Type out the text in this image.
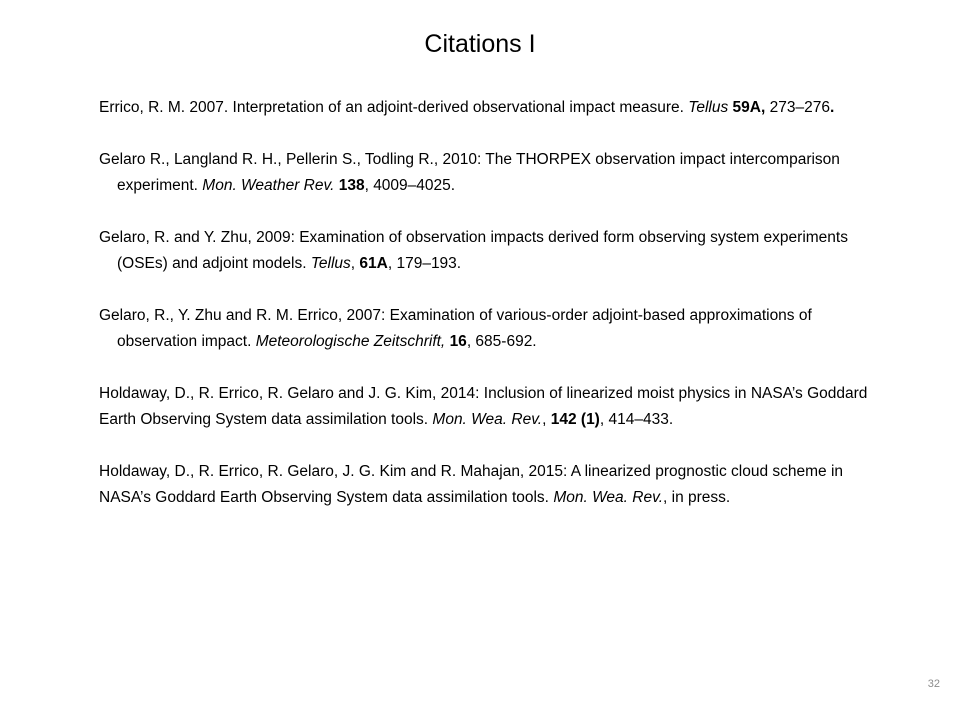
Citations I
Errico, R. M. 2007. Interpretation of an adjoint-derived observational impact measure. Tellus 59A, 273–276.
Gelaro R., Langland R. H., Pellerin S., Todling R., 2010: The THORPEX observation impact intercomparison experiment. Mon. Weather Rev. 138, 4009–4025.
Gelaro, R. and Y. Zhu, 2009: Examination of observation impacts derived form observing system experiments (OSEs) and adjoint models. Tellus, 61A, 179–193.
Gelaro, R., Y. Zhu and R. M. Errico, 2007: Examination of various-order adjoint-based approximations of observation impact. Meteorologische Zeitschrift, 16, 685-692.
Holdaway, D., R. Errico, R. Gelaro and J. G. Kim, 2014: Inclusion of linearized moist physics in NASA’s Goddard Earth Observing System data assimilation tools. Mon. Wea. Rev., 142 (1), 414–433.
Holdaway, D., R. Errico, R. Gelaro, J. G. Kim and R. Mahajan, 2015: A linearized prognostic cloud scheme in NASA’s Goddard Earth Observing System data assimilation tools. Mon. Wea. Rev., in press.
32
